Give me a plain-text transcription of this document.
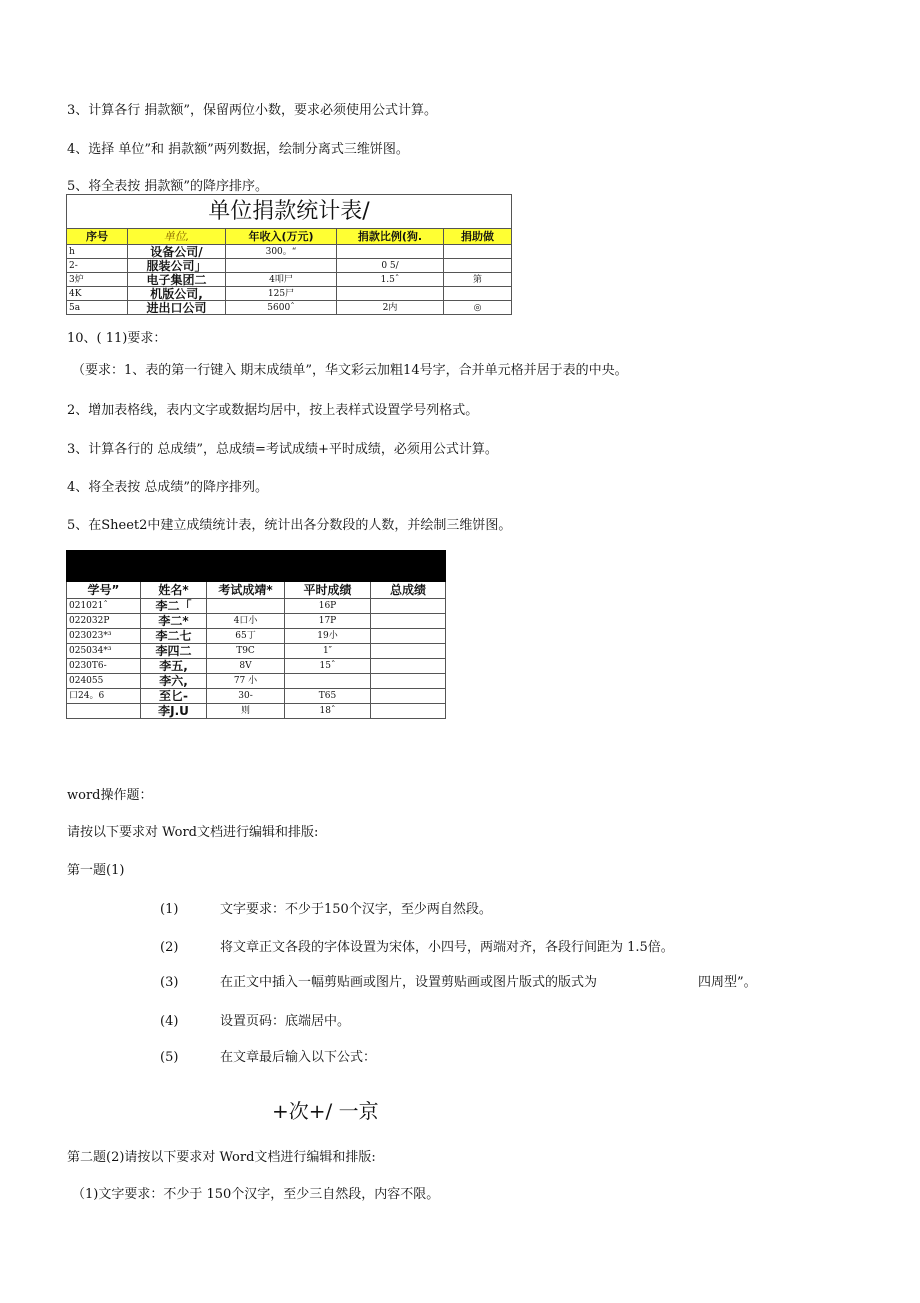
3、计算各行 捐款额”，保留两位小数，要求必须使用公式计算。
4、选择 单位”和 捐款额”两列数据，绘制分离式三维饼图。
5、将全表按 捐款额”的降序排序。
单位捐款统计表/				
序号	单位,	年收入(万元)	捐款比例(狗.	捐助做
h	设备公司/	300。“		
2-	服装公司」		0 5/	
3炉	电子集团二	4叩尸	1.5ˆ	第
4K	机版公司,	125尸		
5a	进出口公司	5600ˆ	2内	◎
10、( 11)要求：
（要求：1、表的第一行键入 期末成绩单”，华文彩云加粗14号字，合并单元格并居于表的中央。
2、增加表格线，表内文字或数据均居中，按上表样式设置学号列格式。
3、计算各行的 总成绩”，总成绩=考试成绩+平时成绩，必须用公式计算。
4、将全表按 总成绩”的降序排列。
5、在Sheet2中建立成绩统计表，统计出各分数段的人数，并绘制三维饼图。

学号”	姓名*	考试成靖*	平时成绩	总成绩
021021ˆ	李二「		16P	
022032P	李二*	4口小	17P	
023023*³	李二七	65丁	19小	
025034*³	李四二	T9C	1″	
0230T6-	李五,	8V	15ˆ	
024055	李六,	77 小		
口24。6	至匕-	30-	T65	
	李J.U	则	18ˆ	
word操作题：
请按以下要求对 Word文档进行编辑和排版:
第一题(1)
(1)	文字要求：不少于150个汉字，至少两自然段。
(2)	将文章正文各段的字体设置为宋体，小四号，两端对齐，各段行间距为 1.5倍。
(3)	在正文中插入一幅剪贴画或图片，设置剪贴画或图片版式的版式为	四周型”。
(4)	设置页码：底端居中。
(5)	在文章最后输入以下公式：
+次+/ 一京
第二题(2)请按以下要求对 Word文档进行编辑和排版:
（1)文字要求：不少于 150个汉字，至少三自然段，内容不限。
